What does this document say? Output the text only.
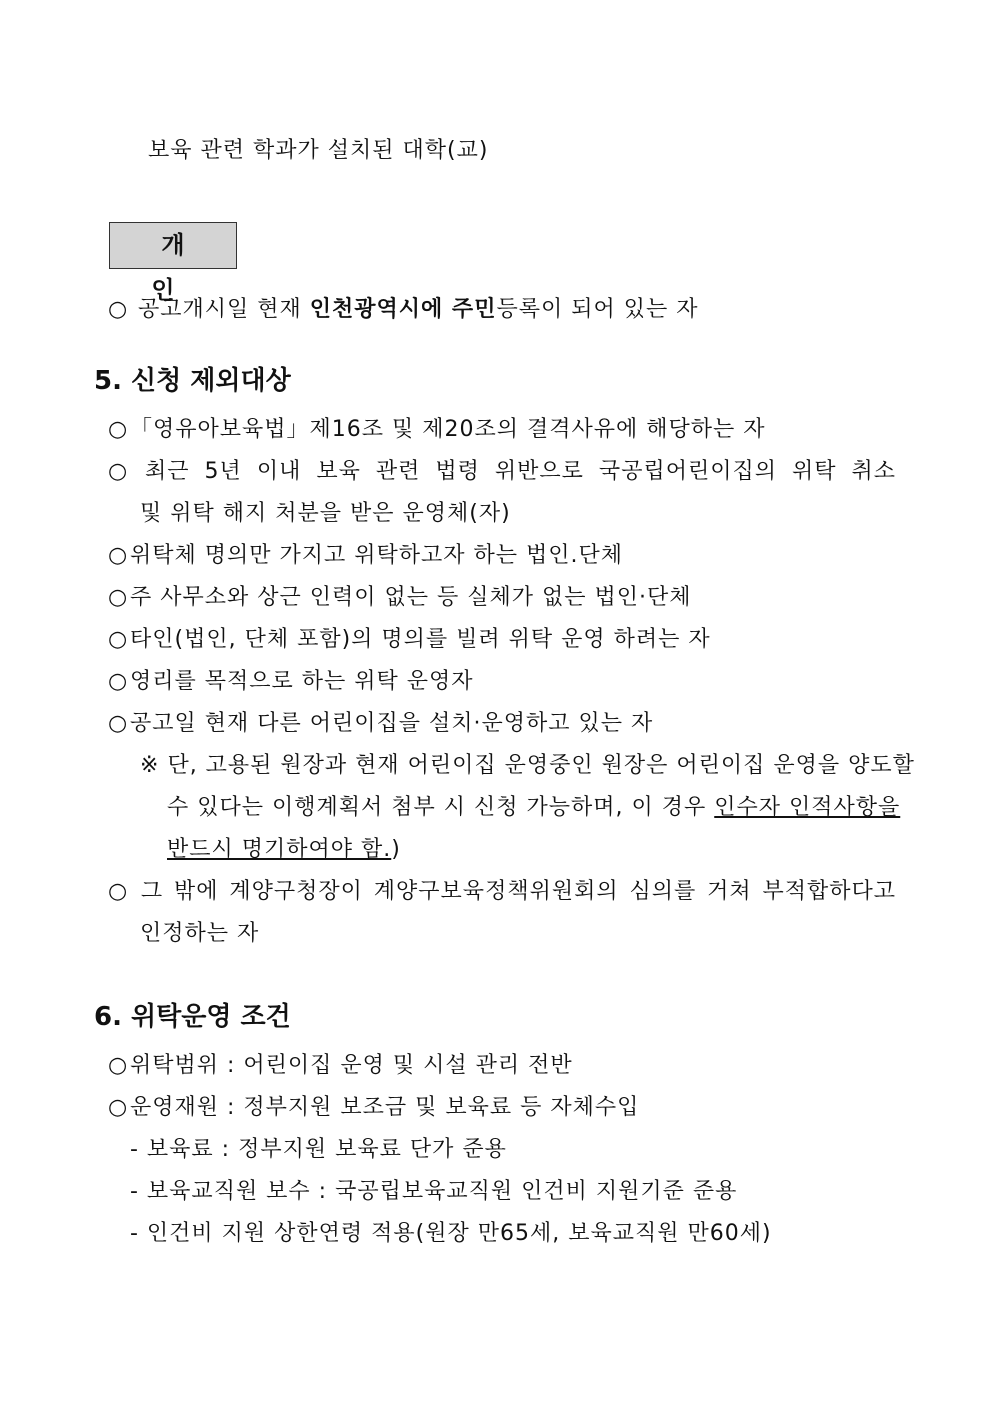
보육 관련 학과가 설치된 대학(교)
개 인
○ 공고개시일 현재 인천광역시에 주민등록이 되어 있는 자
5. 신청 제외대상
○「영유아보육법」제16조 및 제20조의 결격사유에 해당하는 자
○ 최근 5년 이내 보육 관련 법령 위반으로 국공립어린이집의 위탁 취소
및 위탁 해지 처분을 받은 운영체(자)
○위탁체 명의만 가지고 위탁하고자 하는 법인.단체
○주 사무소와 상근 인력이 없는 등 실체가 없는 법인·단체
○타인(법인, 단체 포함)의 명의를 빌려 위탁 운영 하려는 자
○영리를 목적으로 하는 위탁 운영자
○공고일 현재 다른 어린이집을 설치·운영하고 있는 자
※ 단, 고용된 원장과 현재 어린이집 운영중인 원장은 어린이집 운영을 양도할
수 있다는 이행계획서 첨부 시 신청 가능하며, 이 경우 인수자 인적사항을
반드시 명기하여야 함.)
○ 그 밖에 계양구청장이 계양구보육정책위원회의 심의를 거쳐 부적합하다고
인정하는 자
6. 위탁운영 조건
○위탁범위 : 어린이집 운영 및 시설 관리 전반
○운영재원 : 정부지원 보조금 및 보육료 등 자체수입
- 보육료 : 정부지원 보육료 단가 준용
- 보육교직원 보수 : 국공립보육교직원 인건비 지원기준 준용
- 인건비 지원 상한연령 적용(원장 만65세, 보육교직원 만60세)
